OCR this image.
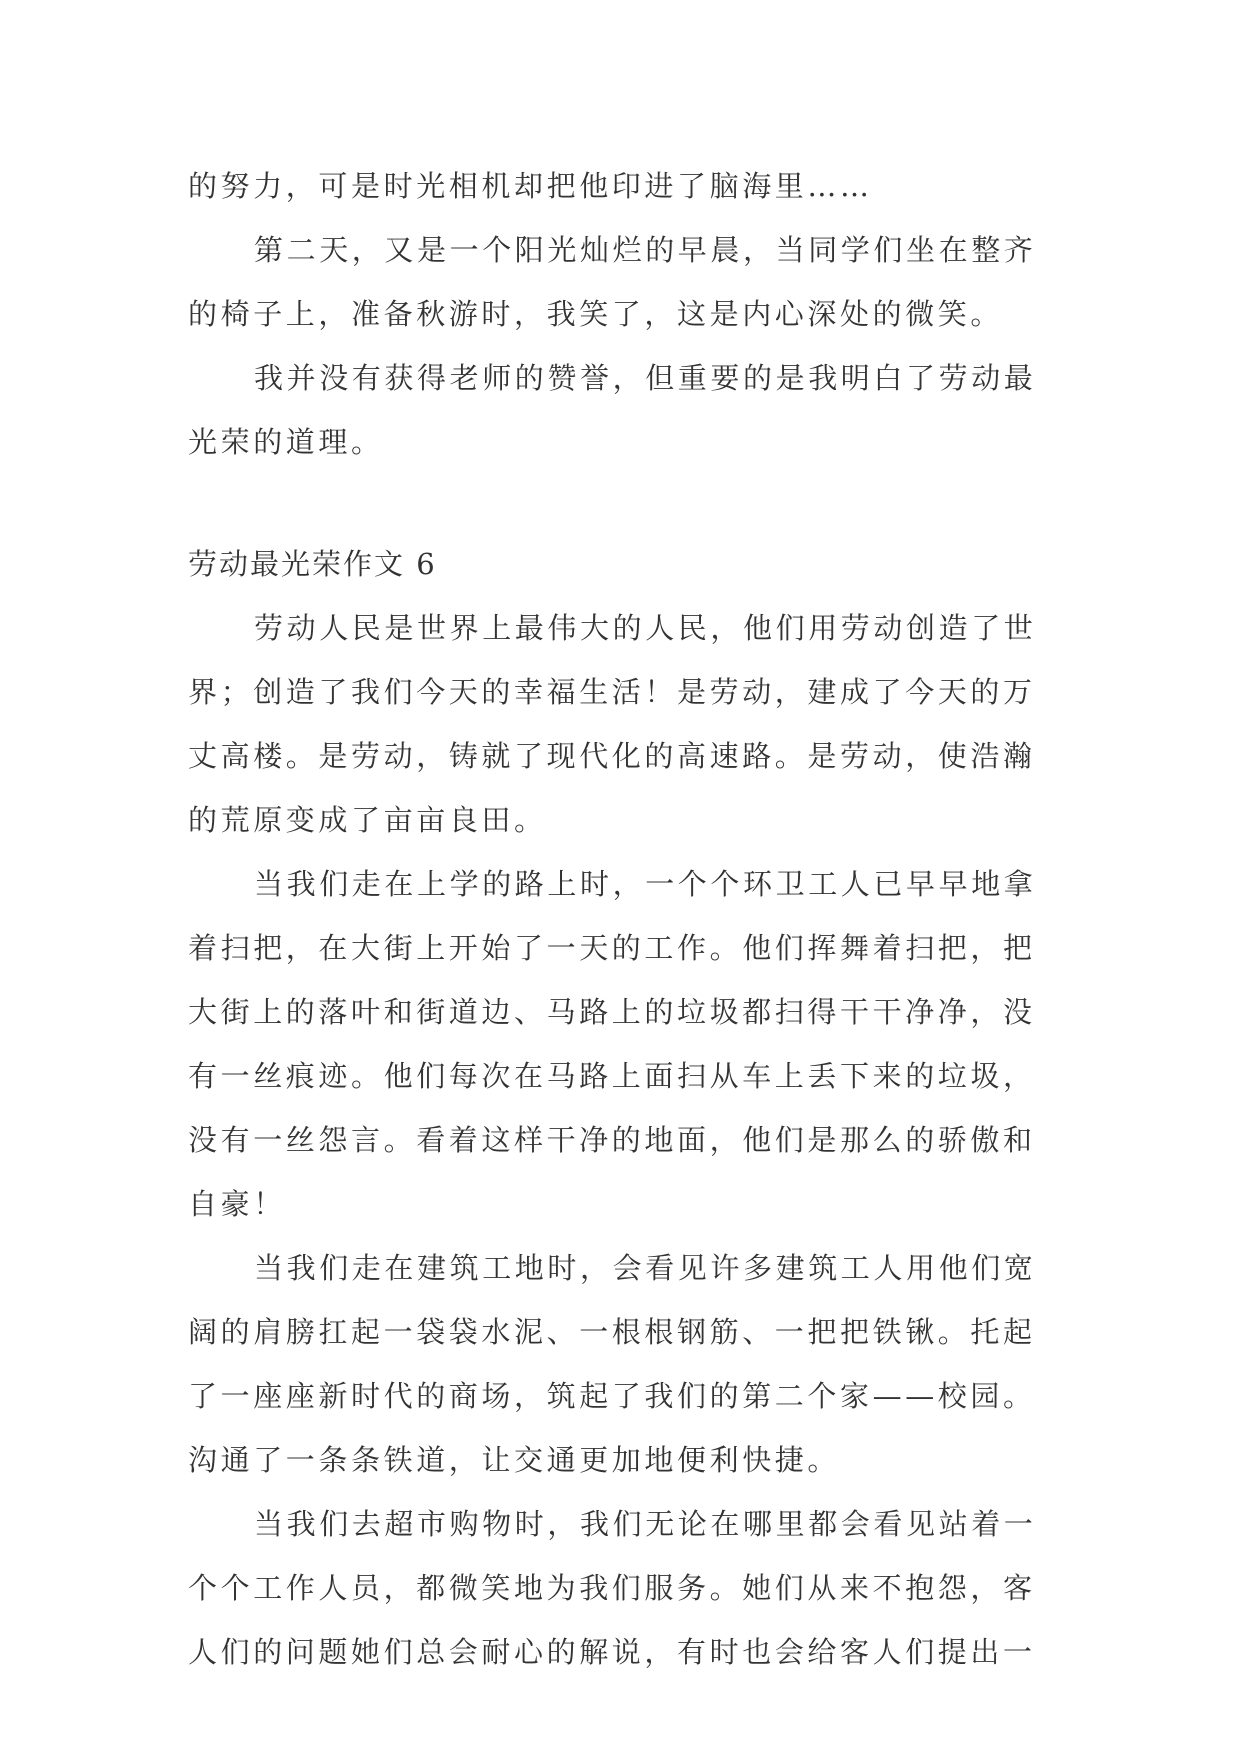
的努力，可是时光相机却把他印进了脑海里……
第二天，又是一个阳光灿烂的早晨，当同学们坐在整齐
的椅子上，准备秋游时，我笑了，这是内心深处的微笑。
我并没有获得老师的赞誉，但重要的是我明白了劳动最
光荣的道理。
劳动最光荣作文 6
劳动人民是世界上最伟大的人民，他们用劳动创造了世
界；创造了我们今天的幸福生活！是劳动，建成了今天的万
丈高楼。是劳动，铸就了现代化的高速路。是劳动，使浩瀚
的荒原变成了亩亩良田。
当我们走在上学的路上时，一个个环卫工人已早早地拿
着扫把，在大街上开始了一天的工作。他们挥舞着扫把，把
大街上的落叶和街道边、马路上的垃圾都扫得干干净净，没
有一丝痕迹。他们每次在马路上面扫从车上丢下来的垃圾，
没有一丝怨言。看着这样干净的地面，他们是那么的骄傲和
自豪！
当我们走在建筑工地时，会看见许多建筑工人用他们宽
阔的肩膀扛起一袋袋水泥、一根根钢筋、一把把铁锹。托起
了一座座新时代的商场，筑起了我们的第二个家——校园。
沟通了一条条铁道，让交通更加地便利快捷。
当我们去超市购物时，我们无论在哪里都会看见站着一
个个工作人员，都微笑地为我们服务。她们从来不抱怨，客
人们的问题她们总会耐心的解说，有时也会给客人们提出一
